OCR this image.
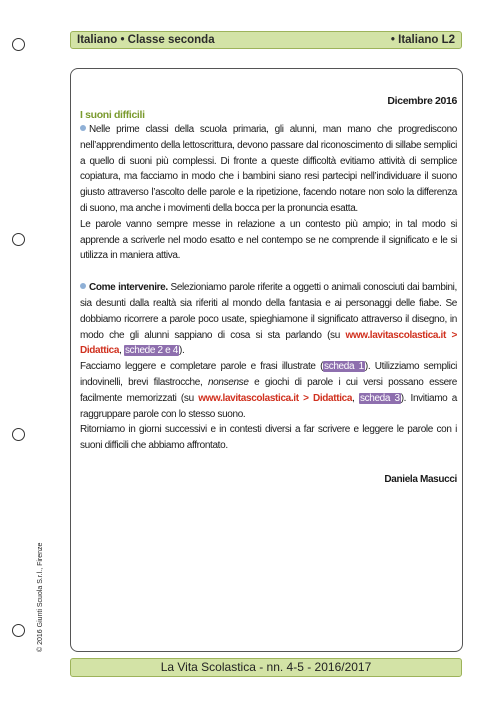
Italiano • Classe seconda	• Italiano L2
Dicembre 2016
I suoni difficili

Nelle prime classi della scuola primaria, gli alunni, man mano che progrediscono nell’apprendimento della lettoscrittura, devono passare dal riconoscimento di sillabe semplici a quello di suoni più complessi. Di fronte a queste difficoltà evitiamo attività di semplice copiatura, ma facciamo in modo che i bambini siano resi partecipi nell’individuare il suono giusto attraverso l’ascolto delle parole e la ripetizione, facendo notare non solo la differenza di suono, ma anche i movimenti della bocca per la pronuncia esatta.

Le parole vanno sempre messe in relazione a un contesto più ampio; in tal modo si apprende a scriverle nel modo esatto e nel contempo se ne comprende il significato e le si utilizza in maniera attiva.

Come intervenire. Selezioniamo parole riferite a oggetti o animali conosciuti dai bambini, sia desunti dalla realtà sia riferiti al mondo della fantasia e ai personaggi delle fiabe. Se dobbiamo ricorrere a parole poco usate, spieghiamone il significato attraverso il disegno, in modo che gli alunni sappiano di cosa si sta parlando (su www.lavitascolastica.it > Didattica, schede 2 e 4).

Facciamo leggere e completare parole e frasi illustrate (scheda 1). Utilizziamo semplici indovinelli, brevi filastrocche, nonsense e giochi di parole i cui versi possano essere facilmente memorizzati (su www.lavitascolastica.it > Didattica, scheda 3). Invitiamo a raggruppare parole con lo stesso suono.

Ritorniamo in giorni successivi e in contesti diversi a far scrivere e leggere le parole con i suoni difficili che abbiamo affrontato.

Daniela Masucci
© 2016 Giunti Scuola S.r.l., Firenze
La Vita Scolastica - nn. 4-5 - 2016/2017
